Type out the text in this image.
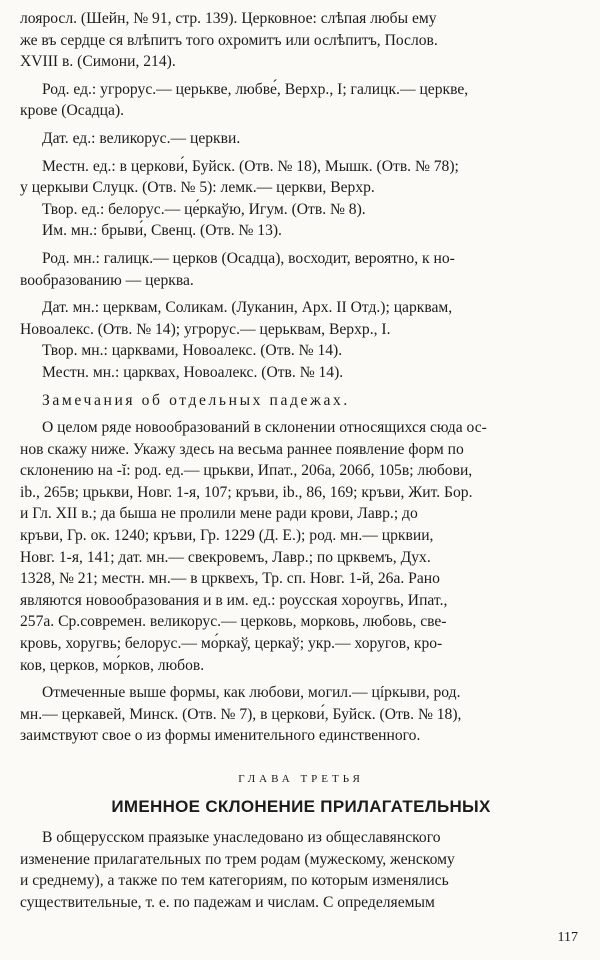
лояросл. (Шейн, № 91, стр. 139). Церковное: слѣпая любы ему
же въ сердце ся влѣпитъ того охромитъ или ослѣпитъ, Послов.
XVIII в. (Симони, 214).
Род. ед.: угрорус.— церькве, любве́, Верхр., I; галицк.— церкве,
крове (Осадца).
Дат. ед.: великорус.— церкви.
Местн. ед.: в церкови́, Буйск. (Отв. № 18), Мышк. (Отв. № 78);
у церкыви Слуцк. (Отв. № 5): лемк.— церкви, Верхр.
Твор. ед.: белорус.— це́ркаўю, Игум. (Отв. № 8).
Им. мн.: брыви́, Свенц. (Отв. № 13).
Род. мн.: галицк.— церков (Осадца), восходит, вероятно, к но-
вообразованию — церква.
Дат. мн.: церквам, Соликам. (Луканин, Арх. II Отд.); царквам,
Новоалекс. (Отв. № 14); угрорус.— церьквам, Верхр., I.
Твор. мн.: царквами, Новоалекс. (Отв. № 14).
Местн. мн.: царквах, Новоалекс. (Отв. № 14).
Замечания об отдельных падежах.
О целом ряде новообразований в склонении относящихся сюда ос-
нов скажу ниже. Укажу здесь на весьма раннее появление форм по
склонению на -ĭ: род. ед.— црькви, Ипат., 206а, 206б, 105в; любови,
ib., 265в; црькви, Новг. 1-я, 107; кръви, ib., 86, 169; кръви, Жит. Бор.
и Гл. XII в.; да быша не пролили мене ради крови, Лавр.; до
кръви, Гр. ок. 1240; кръви, Гр. 1229 (Д. Е.); род. мн.— црквии,
Новг. 1-я, 141; дат. мн.— свекровемъ, Лавр.; по црквемъ, Дух.
1328, № 21; местн. мн.— в црквехъ, Тр. сп. Новг. 1-й, 26а. Рано
являются новообразования и в им. ед.: роусская хороугвь, Ипат.,
257а. Ср.современ. великорус.— церковь, морковь, любовь, све-
кровь, хоругвь; белорус.— мо́ркаў, церкаў; укр.— хоругов, кро-
ков, церков, мо́рков, любов.
Отмеченные выше формы, как любови, могил.— цíркыви, род.
мн.— церкавей, Минск. (Отв. № 7), в церкови́, Буйск. (Отв. № 18),
заимствуют свое о из формы именительного единственного.
ГЛАВА ТРЕТЬЯ
ИМЕННОЕ СКЛОНЕНИЕ ПРИЛАГАТЕЛЬНЫХ
В общерусском праязыке унаследовано из общеславянского
изменение прилагательных по трем родам (мужескому, женскому
и среднему), а также по тем категориям, по которым изменялись
существительные, т. е. по падежам и числам. С определяемым
117
